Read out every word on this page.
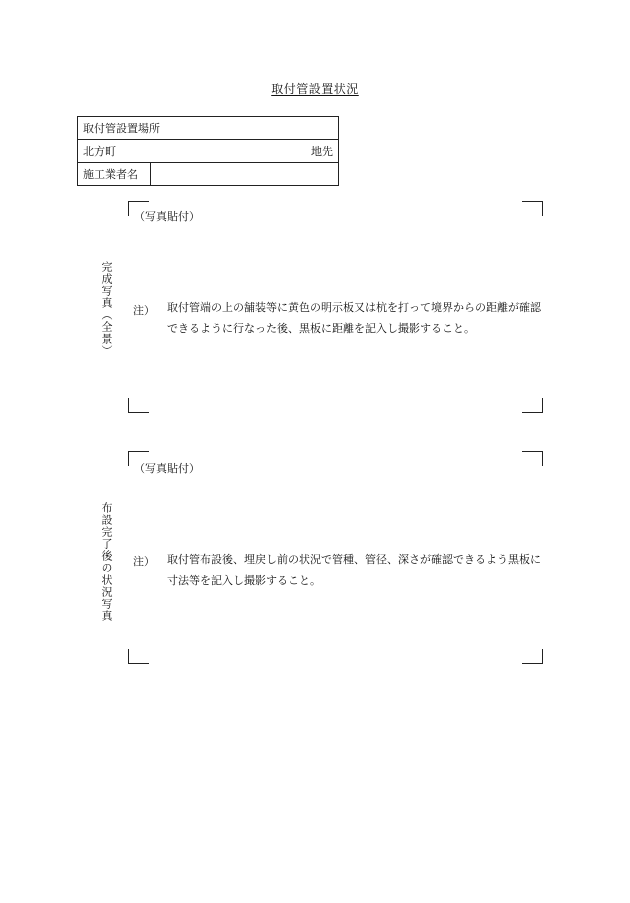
取付管設置状況
取付管設置場所

北方町	地先

施工業者名	
（写真貼付）
完成写真（全景） 注） 取付管端の上の舗装等に黄色の明示板又は杭を打って境界からの距離が確認できるように行なった後、黒板に距離を記入し撮影すること。
（写真貼付）
布設完了後の状況写真 注） 取付管布設後、埋戻し前の状況で管種、管径、深さが確認できるよう黒板に寸法等を記入し撮影すること。
